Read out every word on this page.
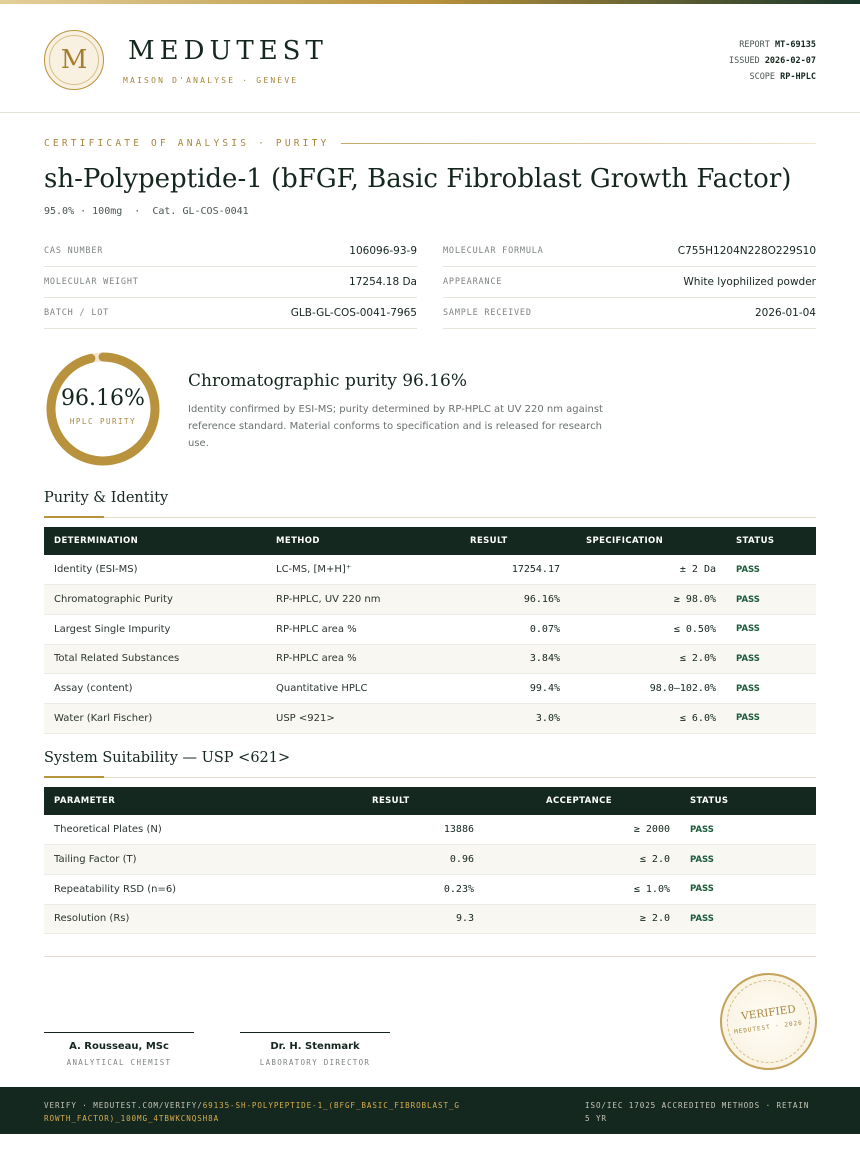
M	MEDUTEST
MAISON D'ANALYSE · GENÈVE
REPORT MT-69135
ISSUED 2026-02-07
SCOPE RP-HPLC
CERTIFICATE OF ANALYSIS · PURITY
sh-Polypeptide-1 (bFGF, Basic Fibroblast Growth Factor)
95.0% · 100mg  ·  Cat. GL-COS-0041
CAS NUMBER	106096-93-9
MOLECULAR WEIGHT	17254.18 Da
BATCH / LOT	GLB-GL-COS-0041-7965
MOLECULAR FORMULA	C755H1204N228O229S10
APPEARANCE	White lyophilized powder
SAMPLE RECEIVED	2026-01-04
96.16%
HPLC PURITY
Chromatographic purity 96.16%
Identity confirmed by ESI-MS; purity determined by RP-HPLC at UV 220 nm against reference standard. Material conforms to specification and is released for research use.
Purity & Identity
DETERMINATION	METHOD	RESULT	SPECIFICATION	STATUS
Identity (ESI-MS)	LC-MS, [M+H]⁺	17254.17	± 2 Da	PASS
Chromatographic Purity	RP-HPLC, UV 220 nm	96.16%	≥ 98.0%	PASS
Largest Single Impurity	RP-HPLC area %	0.07%	≤ 0.50%	PASS
Total Related Substances	RP-HPLC area %	3.84%	≤ 2.0%	PASS
Assay (content)	Quantitative HPLC	99.4%	98.0–102.0%	PASS
Water (Karl Fischer)	USP <921>	3.0%	≤ 6.0%	PASS
System Suitability — USP <621>
PARAMETER	RESULT	ACCEPTANCE	STATUS
Theoretical Plates (N)	13886	≥ 2000	PASS
Tailing Factor (T)	0.96	≤ 2.0	PASS
Repeatability RSD (n=6)	0.23%	≤ 1.0%	PASS
Resolution (Rs)	9.3	≥ 2.0	PASS
A. Rousseau, MSc
ANALYTICAL CHEMIST
Dr. H. Stenmark
LABORATORY DIRECTOR
VERIFIED
MEDUTEST · 2026
VERIFY · MEDUTEST.COM/VERIFY/69135-SH-POLYPEPTIDE-1_(BFGF_BASIC_FIBROBLAST_GROWTH_FACTOR)_100MG_4TBWKCNQSH8A
ISO/IEC 17025 ACCREDITED METHODS · RETAIN 5 YR
